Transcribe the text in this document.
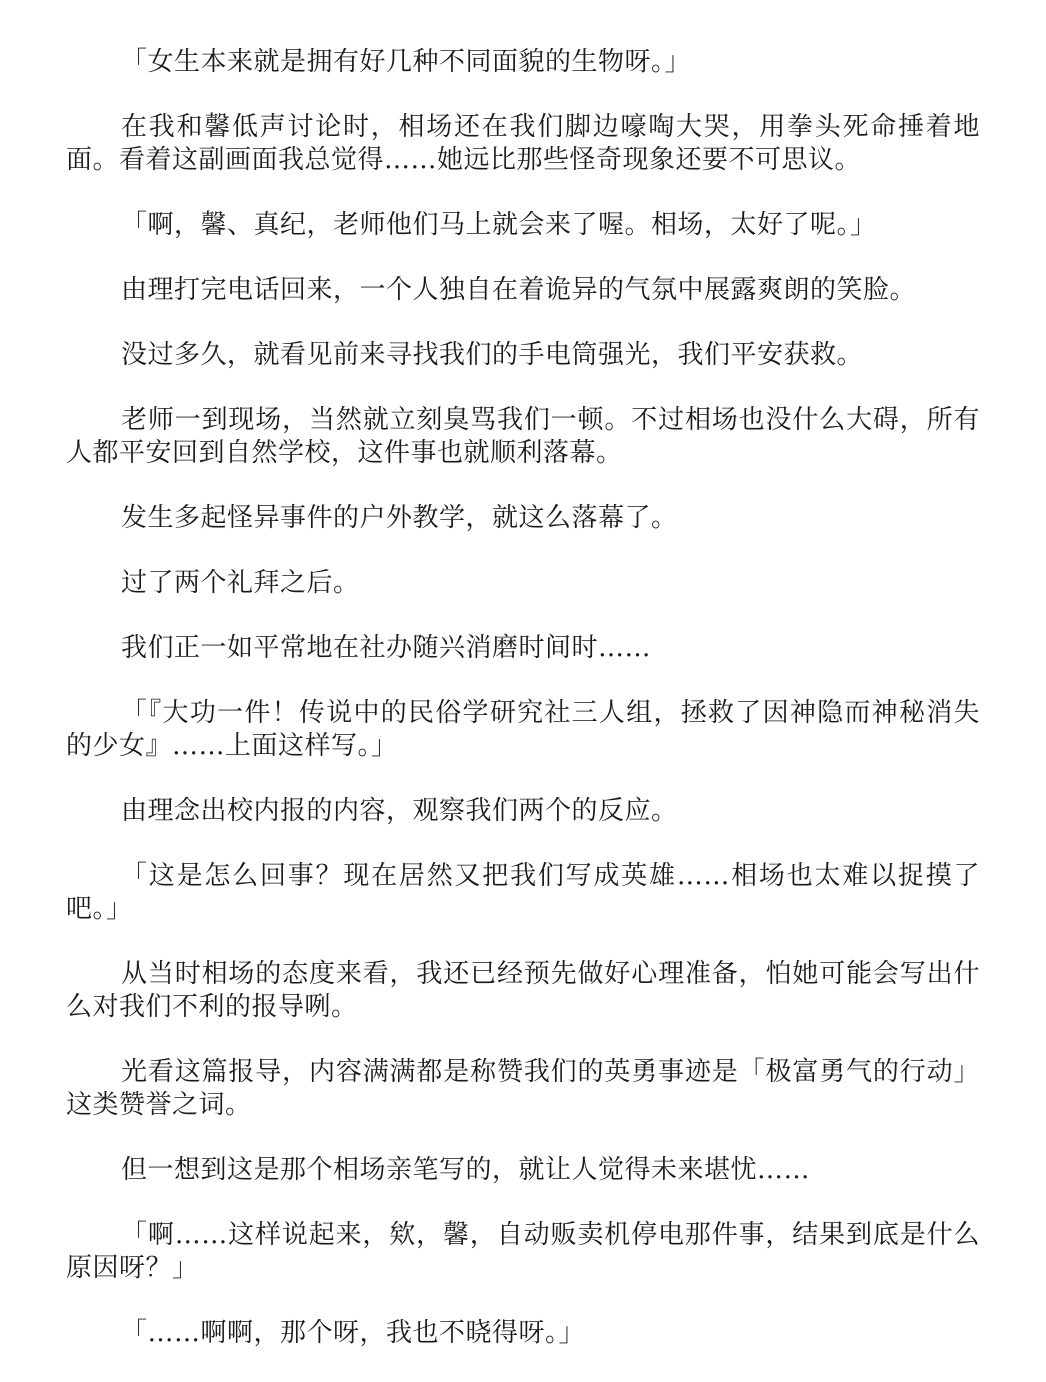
「女生本来就是拥有好几种不同面貌的生物呀。」

在我和馨低声讨论时，相场还在我们脚边嚎啕大哭，用拳头死命捶着地面。看着这副画面我总觉得……她远比那些怪奇现象还要不可思议。

「啊，馨、真纪，老师他们马上就会来了喔。相场，太好了呢。」

由理打完电话回来，一个人独自在着诡异的气氛中展露爽朗的笑脸。

没过多久，就看见前来寻找我们的手电筒强光，我们平安获救。

老师一到现场，当然就立刻臭骂我们一顿。不过相场也没什么大碍，所有人都平安回到自然学校，这件事也就顺利落幕。

发生多起怪异事件的户外教学，就这么落幕了。

过了两个礼拜之后。

我们正一如平常地在社办随兴消磨时间时……

「『大功一件！传说中的民俗学研究社三人组，拯救了因神隐而神秘消失的少女』……上面这样写。」

由理念出校内报的内容，观察我们两个的反应。

「这是怎么回事？现在居然又把我们写成英雄……相场也太难以捉摸了吧。」

从当时相场的态度来看，我还已经预先做好心理准备，怕她可能会写出什么对我们不利的报导咧。

光看这篇报导，内容满满都是称赞我们的英勇事迹是「极富勇气的行动」这类赞誉之词。

但一想到这是那个相场亲笔写的，就让人觉得未来堪忧……

「啊……这样说起来，欸，馨，自动贩卖机停电那件事，结果到底是什么原因呀？」

「……啊啊，那个呀，我也不晓得呀。」
